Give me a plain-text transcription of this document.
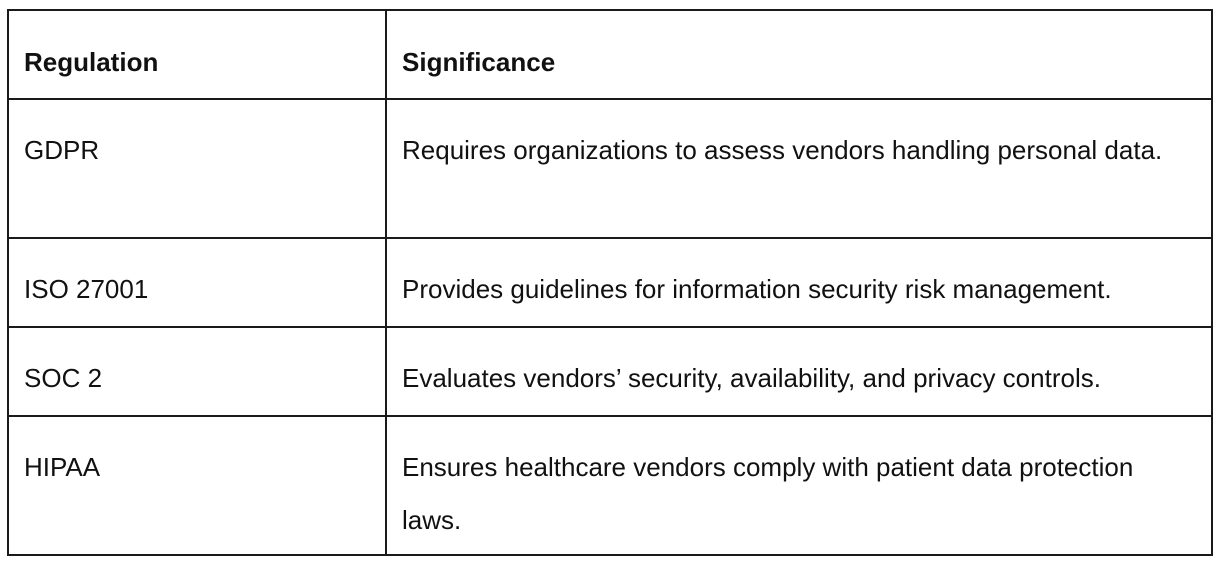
Regulation	Significance
GDPR	Requires organizations to assess vendors handling personal data.
ISO 27001	Provides guidelines for information security risk management.
SOC 2	Evaluates vendors’ security, availability, and privacy controls.
HIPAA	Ensures healthcare vendors comply with patient data protection laws.
